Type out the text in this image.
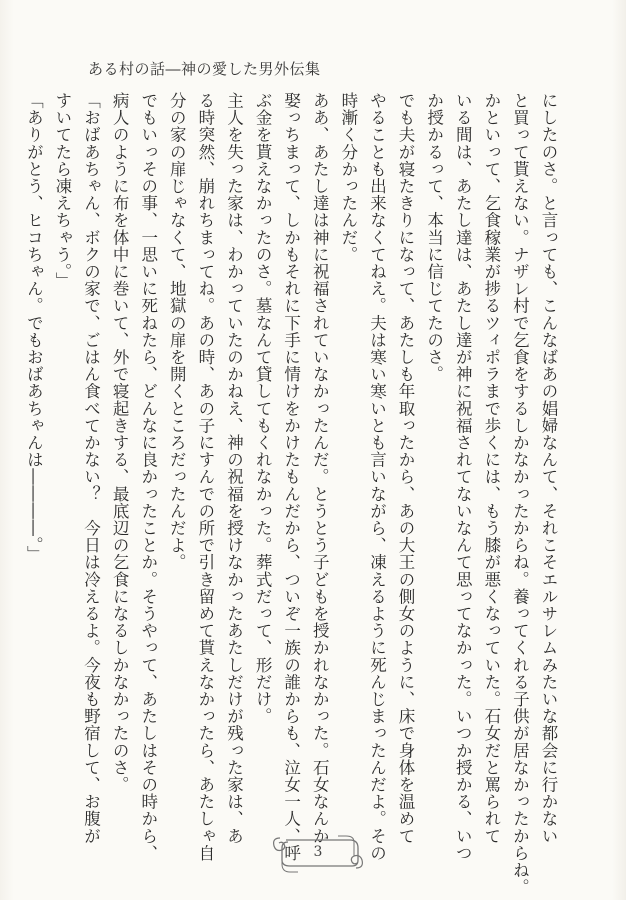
ある村の話―神の愛した男外伝集
にしたのさ。と言っても、こんなばあの娼婦なんて、それこそエルサレムみたいな都会に行かない
と買って貰えない。ナザレ村で乞食をするしかなかったからね。養ってくれる子供が居なかったからね。
かといって、乞食稼業が捗るツィポラまで歩くには、もう膝が悪くなっていた。石女だと罵られて
いる間は、あたし達は、あたし達が神に祝福されてないなんて思ってなかった。いつか授かる、いつ
か授かるって、本当に信じてたのさ。
でも夫が寝たきりになって、あたしも年取ったから、あの大王の側女のように、床で身体を温めて
やることも出来なくてねえ。夫は寒い寒いとも言いながら、凍えるように死んじまったんだよ。その
時漸く分かったんだ。
ああ、あたし達は神に祝福されていなかったんだ。とうとう子どもを授かれなかった。石女なんか
娶っちまって、しかもそれに下手に情けをかけたもんだから、ついぞ一族の誰からも、泣女一人、呼
ぶ金を貰えなかったのさ。墓なんて貸してもくれなかった。葬式だって、形だけ。
主人を失った家は、わかっていたのかねえ、神の祝福を授けなかったあたしだけが残った家は、あ
る時突然、崩れちまってね。あの時、あの子にすんでの所で引き留めて貰えなかったら、あたしゃ自
分の家の扉じゃなくて、地獄の扉を開くところだったんだよ。
でもいっその事、一思いに死ねたら、どんなに良かったことか。そうやって、あたしはその時から、
病人のように布を体中に巻いて、外で寝起きする、最底辺の乞食になるしかなかったのさ。
「おばあちゃん、ボクの家で、ごはん食べてかない？　今日は冷えるよ。今夜も野宿して、お腹が
すいてたら凍えちゃう。」
「ありがとう、ヒコちゃん。でもおばあちゃんは――――。」
3
